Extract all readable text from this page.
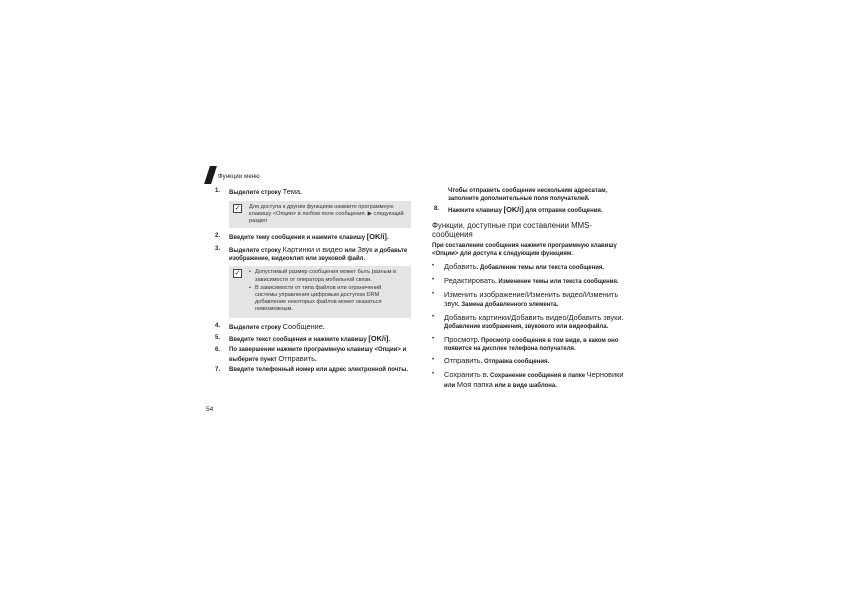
Функции меню
1. Выделите строку Тема.
✓ Для доступа к другим функциям нажмите программную клавишу <Опции> в любом поле сообщения. ▶ следующий раздел
2. Введите тему сообщения и нажмите клавишу [OK/i].
3. Выделите строку Картинки и видео или Звук и добавьте изображение, видеоклип или звуковой файл.
✓
•	Допустимый размер сообщения может быть разным в зависимости от оператора мобильной связи.
• В зависимости от типа файлов или ограничений системы управления цифровым доступом DRM добавление некоторых файлов может оказаться невозможным.
4. Выделите строку Сообщение.
5. Введите текст сообщения и нажмите клавишу [OK/i].
6. По завершении нажмите программную клавишу <Опции> и выберите пункт Отправить.
7. Введите телефонный номер или адрес электронной почты.
Чтобы отправить сообщение нескольким адресатам, заполните дополнительные поля получателей.
8. Нажмите клавишу [OK/i] для отправки сообщения.
Функции, доступные при составлении MMS-сообщения
При составлении сообщения нажмите программную клавишу <Опции> для доступа к следующим функциям.
• Добавить. Добавление темы или текста сообщения.
• Редактировать. Изменение темы или текста сообщения.
• Изменить изображение/Изменить видео/Изменить звук. Замена добавленного элемента.
• Добавить картинки/Добавить видео/Добавить звуки. Добавление изображения, звукового или видеофайла.
• Просмотр. Просмотр сообщения в том виде, в каком оно появится на дисплее телефона получателя.
• Отправить. Отправка сообщения.
• Сохранить в. Сохранение сообщения в папке Черновики или Моя папка или в виде шаблона.
54
